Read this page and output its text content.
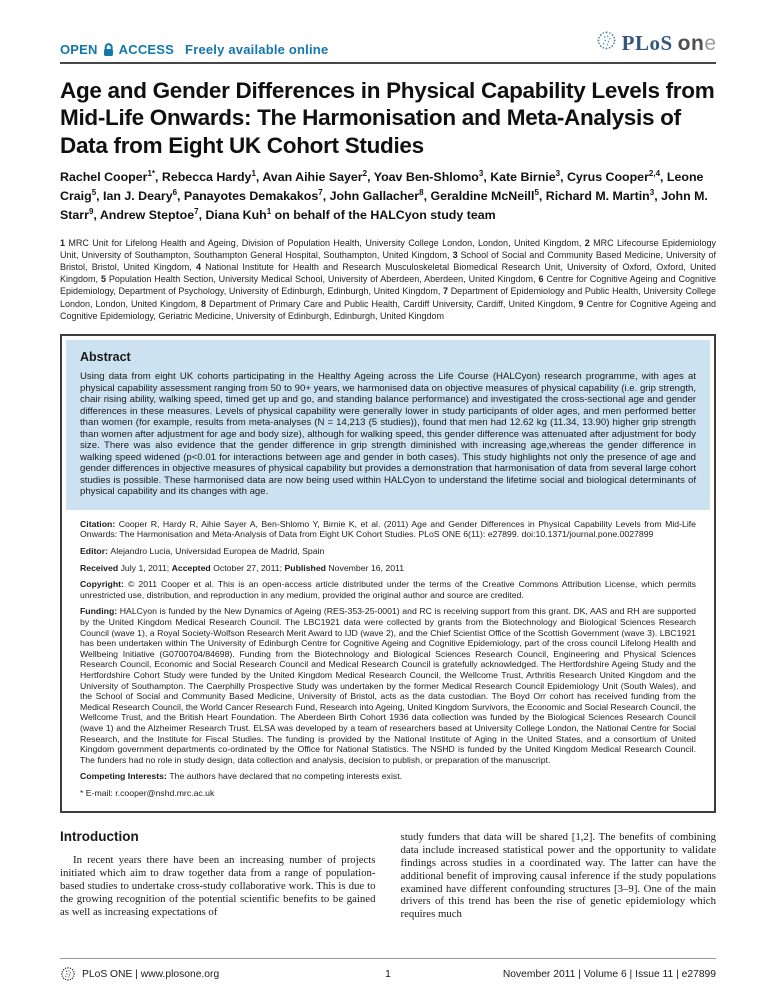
OPEN ACCESS Freely available online	PLoS one
Age and Gender Differences in Physical Capability Levels from Mid-Life Onwards: The Harmonisation and Meta-Analysis of Data from Eight UK Cohort Studies

Rachel Cooper$^{1*}$, Rebecca Hardy$^1$, Avan Aihie Sayer$^2$, Yoav Ben-Shlomo$^3$, Kate Birnie$^3$, Cyrus Cooper$^{2,4}$, Leone Craig$^5$, Ian J. Deary$^6$, Panayotes Demakakos$^7$, John Gallacher$^8$, Geraldine McNeill$^5$, Richard M. Martin$^3$, John M. Starr$^9$, Andrew Steptoe$^7$, Diana Kuh$^1$ on behalf of the HALCyon study team

1 MRC Unit for Lifelong Health and Ageing, Division of Population Health, University College London, London, United Kingdom, 2 MRC Lifecourse Epidemiology Unit, University of Southampton, Southampton General Hospital, Southampton, United Kingdom, 3 School of Social and Community Based Medicine, University of Bristol, Bristol, United Kingdom, 4 National Institute for Health and Research Musculoskeletal Biomedical Research Unit, University of Oxford, Oxford, United Kingdom, 5 Population Health Section, University Medical School, University of Aberdeen, Aberdeen, United Kingdom, 6 Centre for Cognitive Ageing and Cognitive Epidemiology, Department of Psychology, University of Edinburgh, Edinburgh, United Kingdom, 7 Department of Epidemiology and Public Health, University College London, London, United Kingdom, 8 Department of Primary Care and Public Health, Cardiff University, Cardiff, United Kingdom, 9 Centre for Cognitive Ageing and Cognitive Epidemiology, Geriatric Medicine, University of Edinburgh, Edinburgh, United Kingdom

Abstract

Using data from eight UK cohorts participating in the Healthy Ageing across the Life Course (HALCyon) research programme, with ages at physical capability assessment ranging from 50 to 90+ years, we harmonised data on objective measures of physical capability (i.e. grip strength, chair rising ability, walking speed, timed get up and go, and standing balance performance) and investigated the cross-sectional age and gender differences in these measures. Levels of physical capability were generally lower in study participants of older ages, and men performed better than women (for example, results from meta-analyses (N = 14,213 (5 studies)), found that men had 12.62 kg (11.34, 13.90) higher grip strength than women after adjustment for age and body size), although for walking speed, this gender difference was attenuated after adjustment for body size. There was also evidence that the gender difference in grip strength diminished with increasing age,whereas the gender difference in walking speed widened (p<0.01 for interactions between age and gender in both cases). This study highlights not only the presence of age and gender differences in objective measures of physical capability but provides a demonstration that harmonisation of data from several large cohort studies is possible. These harmonised data are now being used within HALCyon to understand the lifetime social and biological determinants of physical capability and its changes with age.

Citation: Cooper R, Hardy R, Aihie Sayer A, Ben-Shlomo Y, Birnie K, et al. (2011) Age and Gender Differences in Physical Capability Levels from Mid-Life Onwards: The Harmonisation and Meta-Analysis of Data from Eight UK Cohort Studies. PLoS ONE 6(11): e27899. doi:10.1371/journal.pone.0027899

Editor: Alejandro Lucia, Universidad Europea de Madrid, Spain

Received July 1, 2011; Accepted October 27, 2011; Published November 16, 2011

Copyright: © 2011 Cooper et al. This is an open-access article distributed under the terms of the Creative Commons Attribution License, which permits unrestricted use, distribution, and reproduction in any medium, provided the original author and source are credited.

Funding: HALCyon is funded by the New Dynamics of Ageing (RES-353-25-0001) and RC is receiving support from this grant. DK, AAS and RH are supported by the United Kingdom Medical Research Council. The LBC1921 data were collected by grants from the Biotechnology and Biological Sciences Research Council (wave 1), a Royal Society-Wolfson Research Merit Award to IJD (wave 2), and the Chief Scientist Office of the Scottish Government (wave 3). LBC1921 has been undertaken within The University of Edinburgh Centre for Cognitive Ageing and Cognitive Epidemiology, part of the cross council Lifelong Health and Wellbeing Initiative (G0700704/84698). Funding from the Biotechnology and Biological Sciences Research Council, Engineering and Physical Sciences Research Council, Economic and Social Research Council and Medical Research Council is gratefully acknowledged. The Hertfordshire Ageing Study and the Hertfordshire Cohort Study were funded by the United Kingdom Medical Research Council, the Wellcome Trust, Arthritis Research United Kingdom and the University of Southampton. The Caerphilly Prospective Study was undertaken by the former Medical Research Council Epidemiology Unit (South Wales), and the School of Social and Community Based Medicine, University of Bristol, acts as the data custodian. The Boyd Orr cohort has received funding from the Medical Research Council, the World Cancer Research Fund, Research into Ageing, United Kingdom Survivors, the Economic and Social Research Council, the Wellcome Trust, and the British Heart Foundation. The Aberdeen Birth Cohort 1936 data collection was funded by the Biological Sciences Research Council (wave 1) and the Alzheimer Research Trust. ELSA was developed by a team of researchers based at University College London, the National Centre for Social Research, and the Institute for Fiscal Studies. The funding is provided by the National Institute of Aging in the United States, and a consortium of United Kingdom government departments co-ordinated by the Office for National Statistics. The NSHD is funded by the United Kingdom Medical Research Council. The funders had no role in study design, data collection and analysis, decision to publish, or preparation of the manuscript.

Competing Interests: The authors have declared that no competing interests exist.

* E-mail: r.cooper@nshd.mrc.ac.uk

Introduction

In recent years there have been an increasing number of projects initiated which aim to draw together data from a range of population-based studies to undertake cross-study collaborative work. This is due to the growing recognition of the potential scientific benefits to be gained as well as increasing expectations of

study funders that data will be shared [1,2]. The benefits of combining data include increased statistical power and the opportunity to validate findings across studies in a coordinated way. The latter can have the additional benefit of improving causal inference if the study populations examined have different confounding structures [3–9]. One of the main drivers of this trend has been the rise of genetic epidemiology which requires much

PLoS ONE | www.plosone.org	1	November 2011 | Volume 6 | Issue 11 | e27899
